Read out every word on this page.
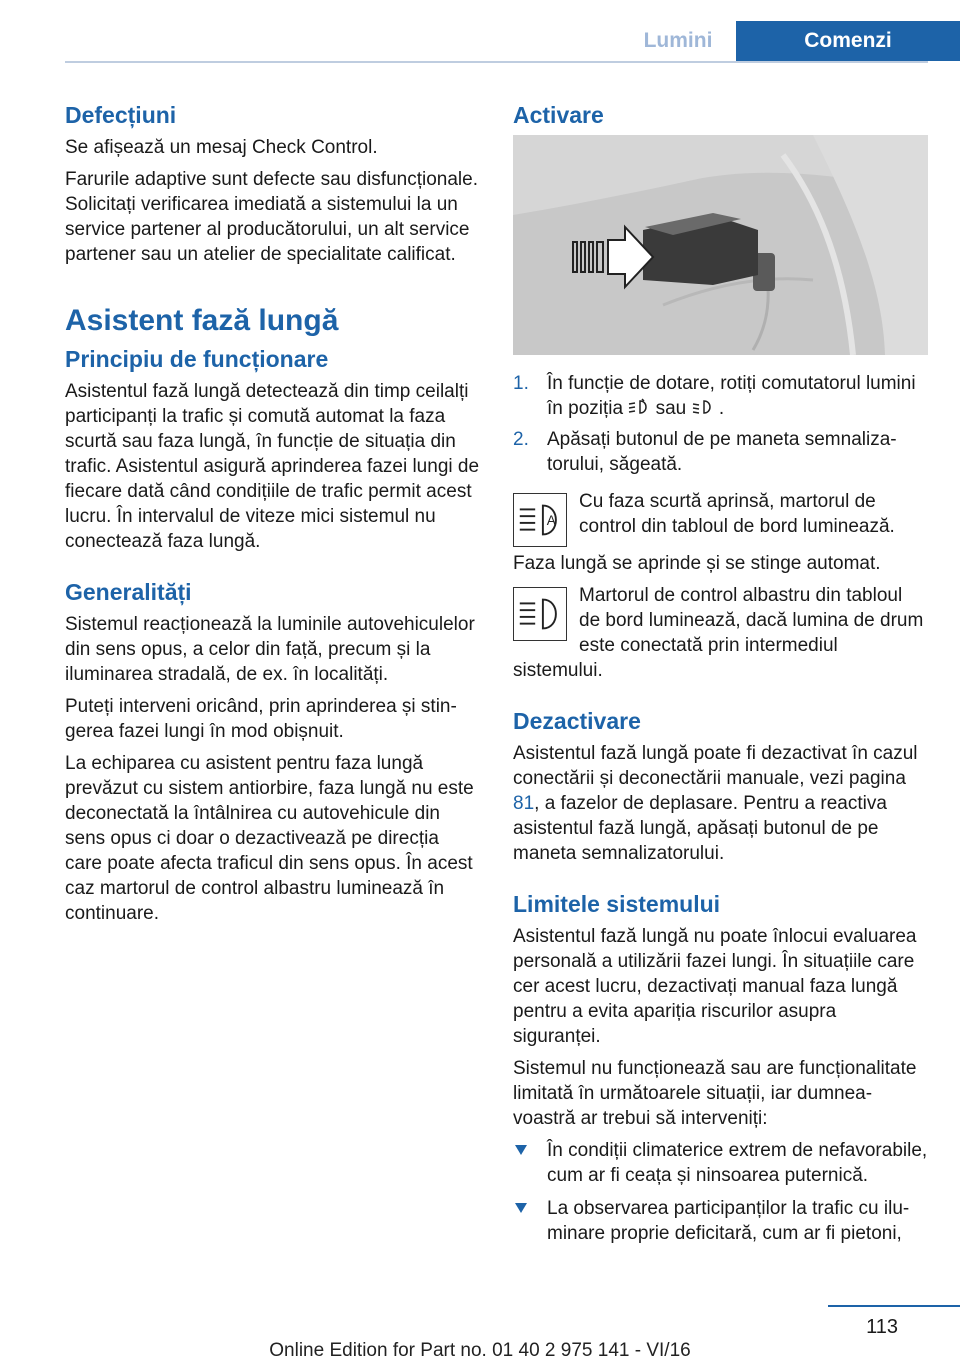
Lumini	Comenzi
Defecțiuni

Se afișează un mesaj Check Control.

Farurile adaptive sunt defecte sau disfuncționale. Solicitați verificarea imediată a sistemului la un service partener al producătorului, un alt service partener sau un atelier de specialitate calificat.

Asistent fază lungă
Principiu de funcționare

Asistentul fază lungă detectează din timp ceilalți participanți la trafic și comută automat la faza scurtă sau faza lungă, în funcție de situația din trafic. Asistentul asigură aprinderea fazei lungi de fiecare dată când condițiile de trafic permit acest lucru. În intervalul de viteze mici sistemul nu conectează faza lungă.

Generalități

Sistemul reacționează la luminile autovehiculelor din sens opus, a celor din față, precum și la iluminarea stradală, de ex. în localități.

Puteți interveni oricând, prin aprinderea și stingerea fazei lungi în mod obișnuit.

La echiparea cu asistent pentru faza lungă prevăzut cu sistem antiorbire, faza lungă nu este deconectată la întâlnirea cu autovehicule din sens opus ci doar o dezactivează pe direcția care poate afecta traficul din sens opus. În acest caz martorul de control albastru luminează în continuare.

Activare
1. În funcție de dotare, rotiți comutatorul lumini în poziția sau .
2. Apăsați butonul de pe maneta semnalizatorului, săgeată.
A

Cu faza scurtă aprinsă, martorul de control din tabloul de bord luminează.

Faza lungă se aprinde și se stinge automat.

Martorul de control albastru din tabloul de bord luminează, dacă lumina de drum este conectată prin intermediul sistemului.

Dezactivare

Asistentul fază lungă poate fi dezactivat în cazul conectării și deconectării manuale, vezi pagina 81, a fazelor de deplasare. Pentru a reactiva asistentul fază lungă, apăsați butonul de pe maneta semnalizatorului.

Limitele sistemului

Asistentul fază lungă nu poate înlocui evaluarea personală a utilizării fazei lungi. În situațiile care cer acest lucru, dezactivați manual faza lungă pentru a evita apariția riscurilor asupra siguranței.

Sistemul nu funcționează sau are funcționalitate limitată în următoarele situații, iar dumneavoastră ar trebui să interveniți:

În condiții climaterice extrem de nefavorabile, cum ar fi ceața și ninsoarea puternică.
La observarea participanților la trafic cu iluminare proprie deficitară, cum ar fi pietoni,
113
Online Edition for Part no. 01 40 2 975 141 - VI/16
